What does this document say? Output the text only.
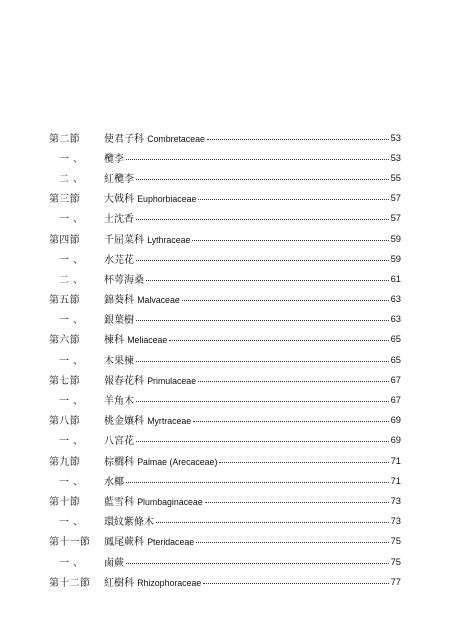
第二節	使君子科 Combretaceae	53
一、	欖李	53
二、	紅欖李	55
第三節	大戟科 Euphorbiaceae	57
一、	土沈香	57
第四節	千屈菜科 Lythraceae	59
一、	水芫花	59
二、	杯萼海桑	61
第五節	錦葵科 Malvaceae	63
一、	銀葉樹	63
第六節	楝科 Meliaceae	65
一、	木果楝	65
第七節	報春花科 Primulaceae	67
一、	羊角木	67
第八節	桃金孃科 Myrtraceae	69
一、	八宮花	69
第九節	棕櫚科 Palmae (Arecaceae)	71
一、	水椰	71
第十節	藍雪科 Plumbaginaceae	73
一、	環紋紫條木	73
第十一節	鳳尾蕨科 Pteridaceae	75
一、	鹵蕨	75
第十二節	紅樹科 Rhizophoraceae	77
